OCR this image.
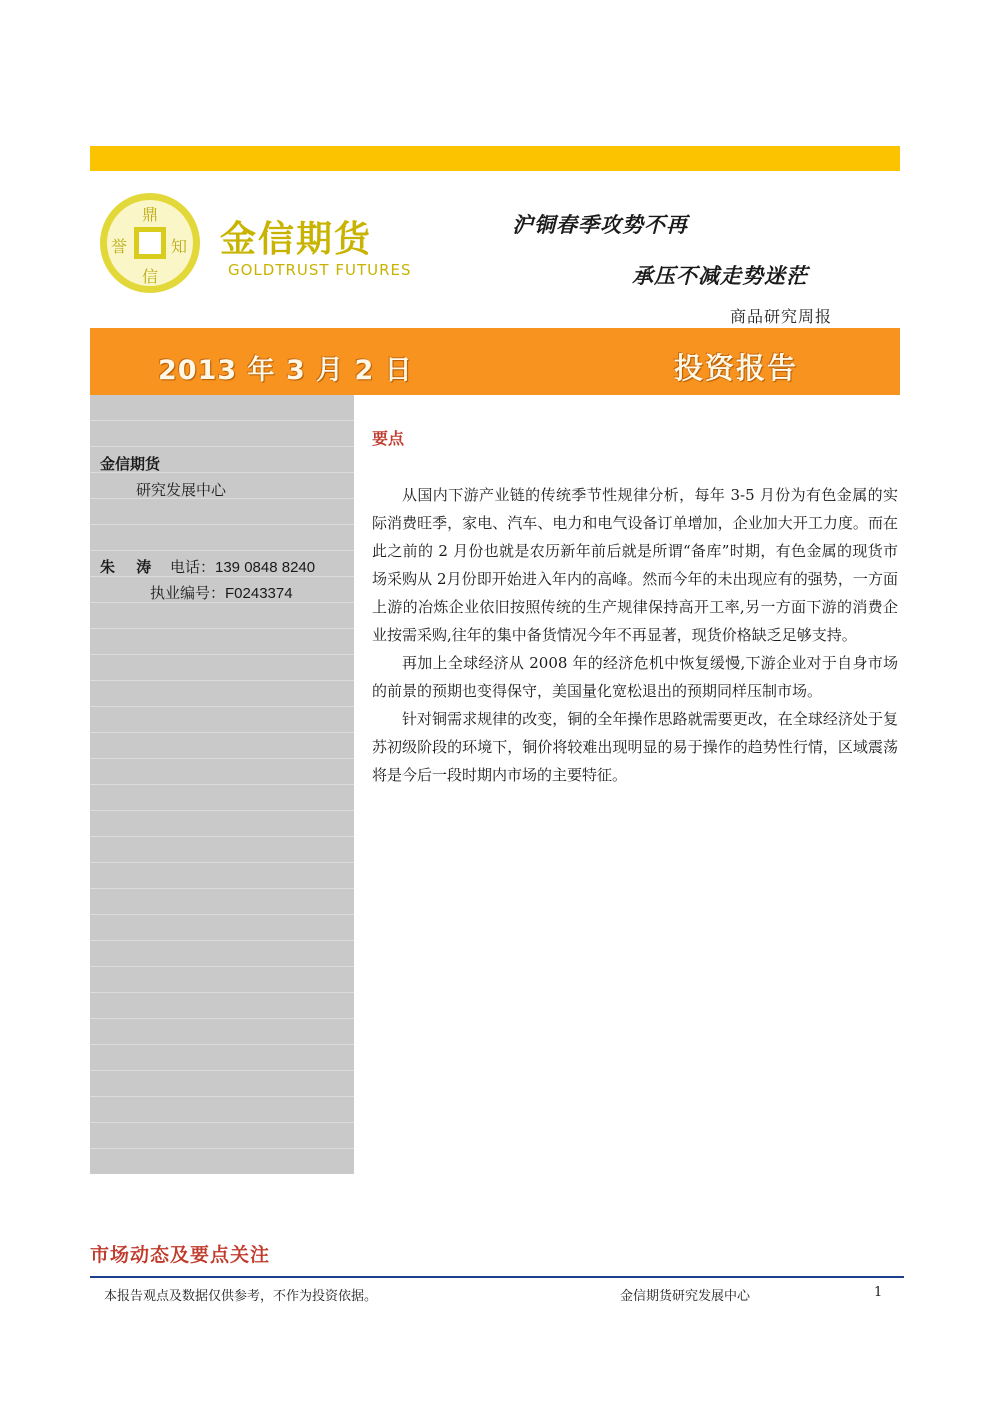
鼎
誉	知
信
金信期货
GOLDTRUST FUTURES
沪铜春季攻势不再
承压不减走势迷茫
商品研究周报
2013 年 3 月 2 日	投资报告
金信期货
研究发展中心
朱 涛 电话：139 0848 8240
执业编号：F0243374
要点

从国内下游产业链的传统季节性规律分析，每年 3-5 月份为有色金属的实际消费旺季，家电、汽车、电力和电气设备订单增加，企业加大开工力度。而在此之前的 2 月份也就是农历新年前后就是所谓“备库”时期，有色金属的现货市场采购从 2月份即开始进入年内的高峰。然而今年的未出现应有的强势，一方面上游的冶炼企业依旧按照传统的生产规律保持高开工率,另一方面下游的消费企业按需采购,往年的集中备货情况今年不再显著，现货价格缺乏足够支持。

再加上全球经济从 2008 年的经济危机中恢复缓慢,下游企业对于自身市场的前景的预期也变得保守，美国量化宽松退出的预期同样压制市场。

针对铜需求规律的改变，铜的全年操作思路就需要更改，在全球经济处于复苏初级阶段的环境下，铜价将较难出现明显的易于操作的趋势性行情，区域震荡将是今后一段时期内市场的主要特征。

市场动态及要点关注
本报告观点及数据仅供参考，不作为投资依据。	金信期货研究发展中心	1
